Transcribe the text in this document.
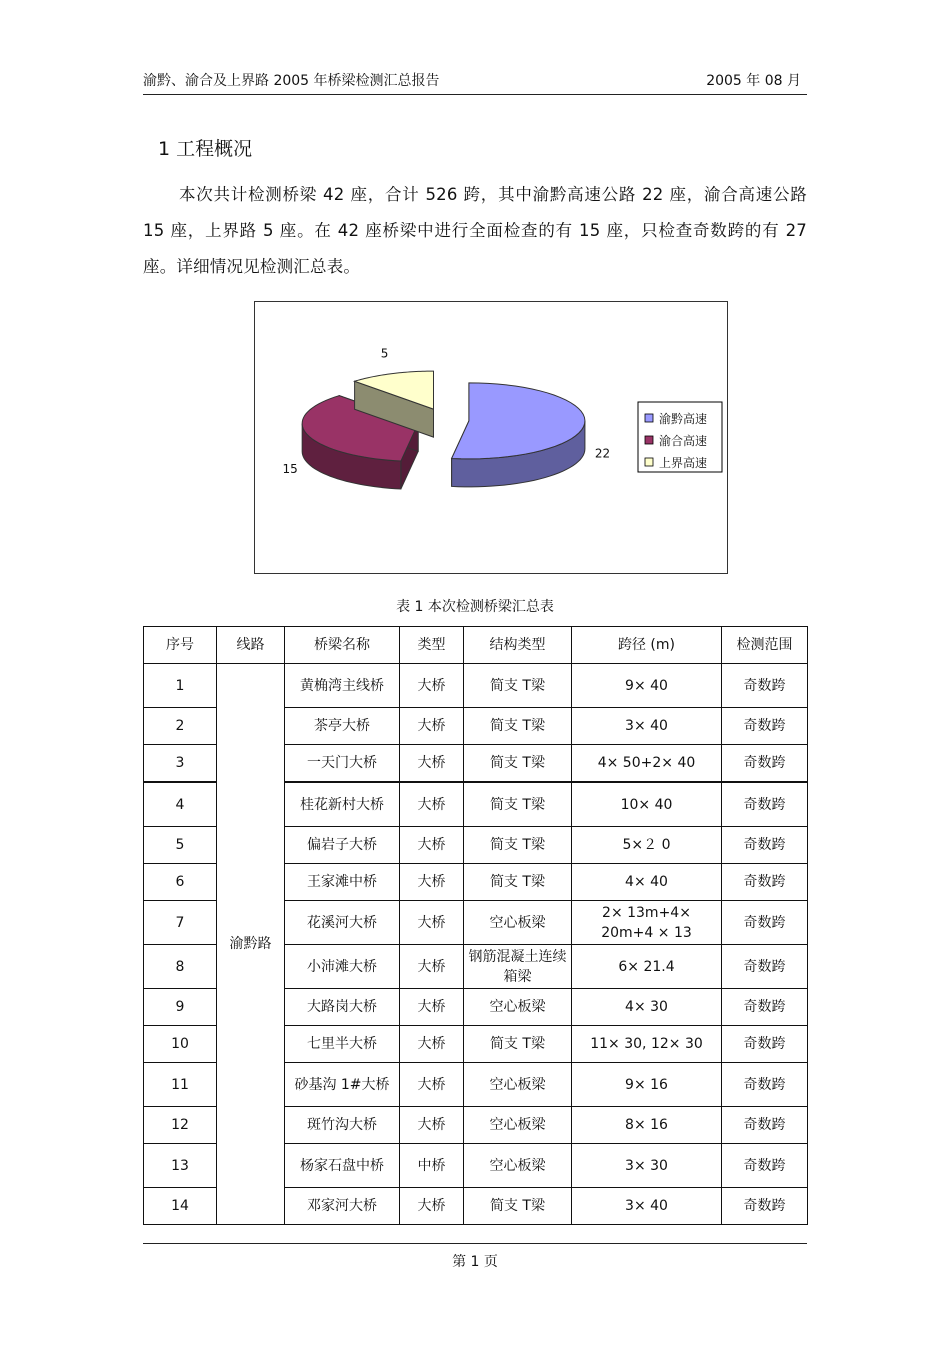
渝黔、渝合及上界路 2005 年桥梁检测汇总报告	2005 年 08 月
1 工程概况
本次共计检测桥梁 42 座，合计 526 跨，其中渝黔高速公路 22 座，渝合高速公路 15 座，上界路 5 座。在 42 座桥梁中进行全面检查的有 15 座，只检查奇数跨的有 27 座。详细情况见检测汇总表。
22
15
5
渝黔高速
渝合高速
上界高速
表 1 本次检测桥梁汇总表
序号	线路	桥梁名称	类型	结构类型	跨径 (m)	检测范围
1	渝黔路	黄桷湾主线桥	大桥	简支 T梁	9× 40	奇数跨
2		茶亭大桥	大桥	简支 T梁	3× 40	奇数跨
3		一天门大桥	大桥	简支 T梁	4× 50+2× 40	奇数跨
4		桂花新村大桥	大桥	简支 T梁	10× 40	奇数跨
5		偏岩子大桥	大桥	简支 T梁	5×２ 0	奇数跨
6		王家滩中桥	大桥	简支 T梁	4× 40	奇数跨
7		花溪河大桥	大桥	空心板梁	2× 13m+4× 20m+4 × 13	奇数跨
8		小沛滩大桥	大桥	钢筋混凝土连续箱梁	6× 21.4	奇数跨
9		大路岗大桥	大桥	空心板梁	4× 30	奇数跨
10		七里半大桥	大桥	简支 T梁	11× 30, 12× 30	奇数跨
11		砂基沟 1#大桥	大桥	空心板梁	9× 16	奇数跨
12		斑竹沟大桥	大桥	空心板梁	8× 16	奇数跨
13		杨家石盘中桥	中桥	空心板梁	3× 30	奇数跨
14		邓家河大桥	大桥	简支 T梁	3× 40	奇数跨
第 1 页
